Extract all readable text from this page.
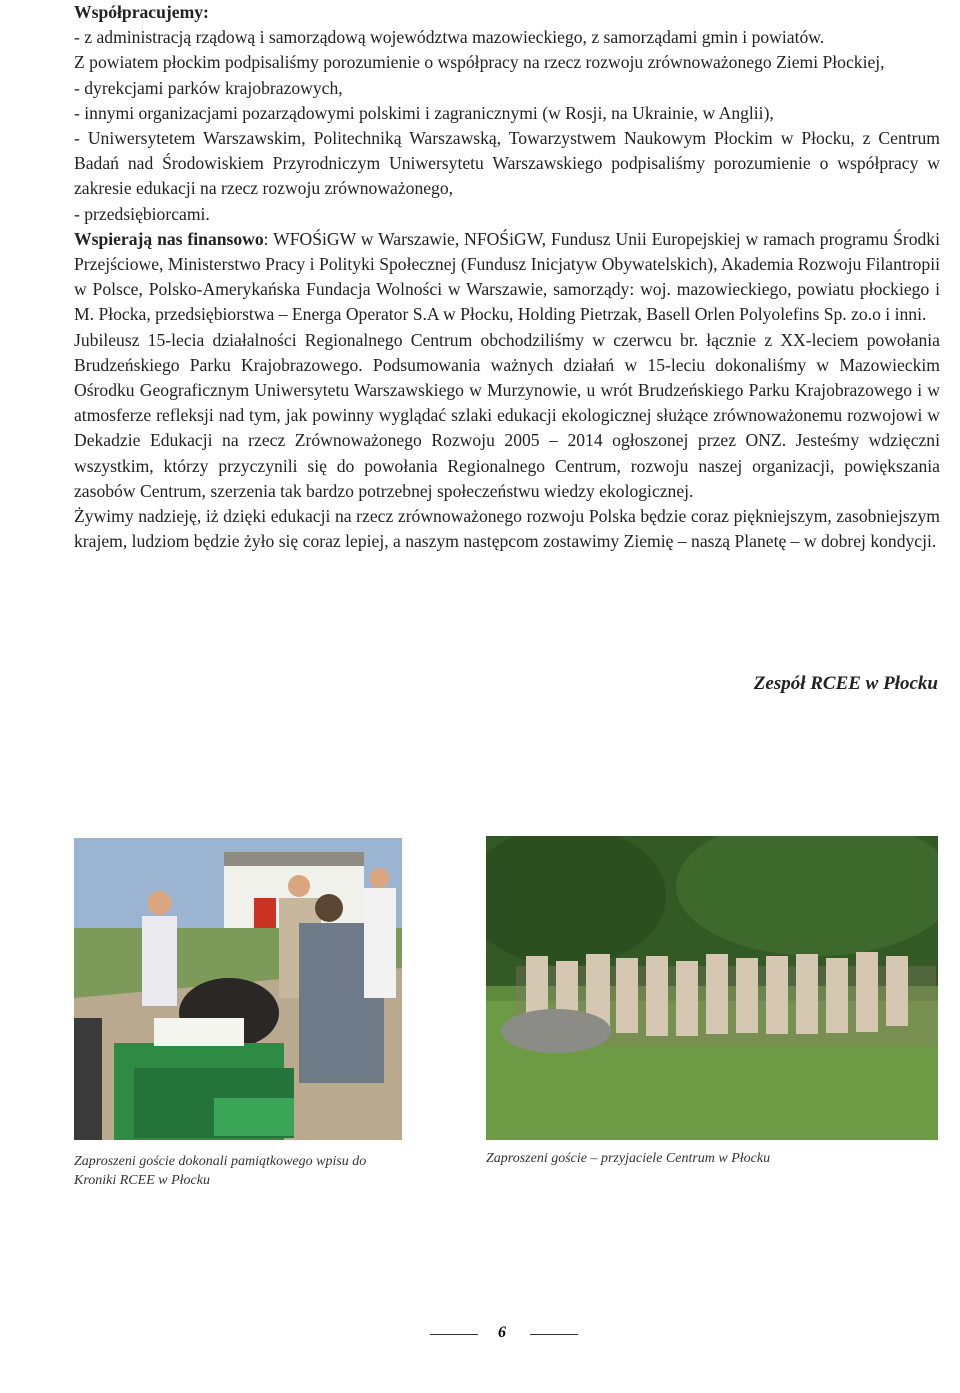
Współpracujemy:
- z administracją rządową i samorządową województwa mazowieckiego, z samorządami gmin i powiatów.
Z powiatem płockim podpisaliśmy porozumienie o współpracy na rzecz rozwoju zrównoważonego Ziemi Płockiej,
- dyrekcjami parków krajobrazowych,
- innymi organizacjami pozarządowymi polskimi i zagranicznymi (w Rosji, na Ukrainie, w Anglii),
- Uniwersytetem Warszawskim, Politechniką Warszawską, Towarzystwem Naukowym Płockim w Płocku, z Centrum Badań nad Środowiskiem Przyrodniczym Uniwersytetu Warszawskiego podpisaliśmy porozumienie o współpracy w zakresie edukacji na rzecz rozwoju zrównoważonego,
- przedsiębiorcami.
Wspierają nas finansowo: WFOŚiGW w Warszawie, NFOŚiGW, Fundusz Unii Europejskiej w ramach programu Środki Przejściowe, Ministerstwo Pracy i Polityki Społecznej (Fundusz Inicjatyw Obywatelskich), Akademia Rozwoju Filantropii w Polsce, Polsko-Amerykańska Fundacja Wolności w Warszawie, samorządy: woj. mazowieckiego, powiatu płockiego i M. Płocka, przedsiębiorstwa – Energa Operator S.A w Płocku, Holding Pietrzak, Basell Orlen Polyolefins Sp. zo.o i inni.
Jubileusz 15-lecia działalności Regionalnego Centrum obchodziliśmy w czerwcu br. łącznie z XX-leciem powołania Brudzeńskiego Parku Krajobrazowego. Podsumowania ważnych działań w 15-leciu dokonaliśmy w Mazowieckim Ośrodku Geograficznym Uniwersytetu Warszawskiego w Murzynowie, u wrót Brudzeńskiego Parku Krajobrazowego i w atmosferze refleksji nad tym, jak powinny wyglądać szlaki edukacji ekologicznej służące zrównoważonemu rozwojowi w Dekadzie Edukacji na rzecz Zrównoważonego Rozwoju 2005 – 2014 ogłoszonej przez ONZ. Jesteśmy wdzięczni wszystkim, którzy przyczynili się do powołania Regionalnego Centrum, rozwoju naszej organizacji, powiększania zasobów Centrum, szerzenia tak bardzo potrzebnej społeczeństwu wiedzy ekologicznej.
Żywimy nadzieję, iż dzięki edukacji na rzecz zrównoważonego rozwoju Polska będzie coraz piękniejszym, zasobniejszym krajem, ludziom będzie żyło się coraz lepiej, a naszym następcom zostawimy Ziemię – naszą Planetę – w dobrej kondycji.
Zespół RCEE w Płocku
Zaproszeni goście dokonali pamiątkowego wpisu do Kroniki RCEE w Płocku
Zaproszeni goście – przyjaciele Centrum w Płocku
6
